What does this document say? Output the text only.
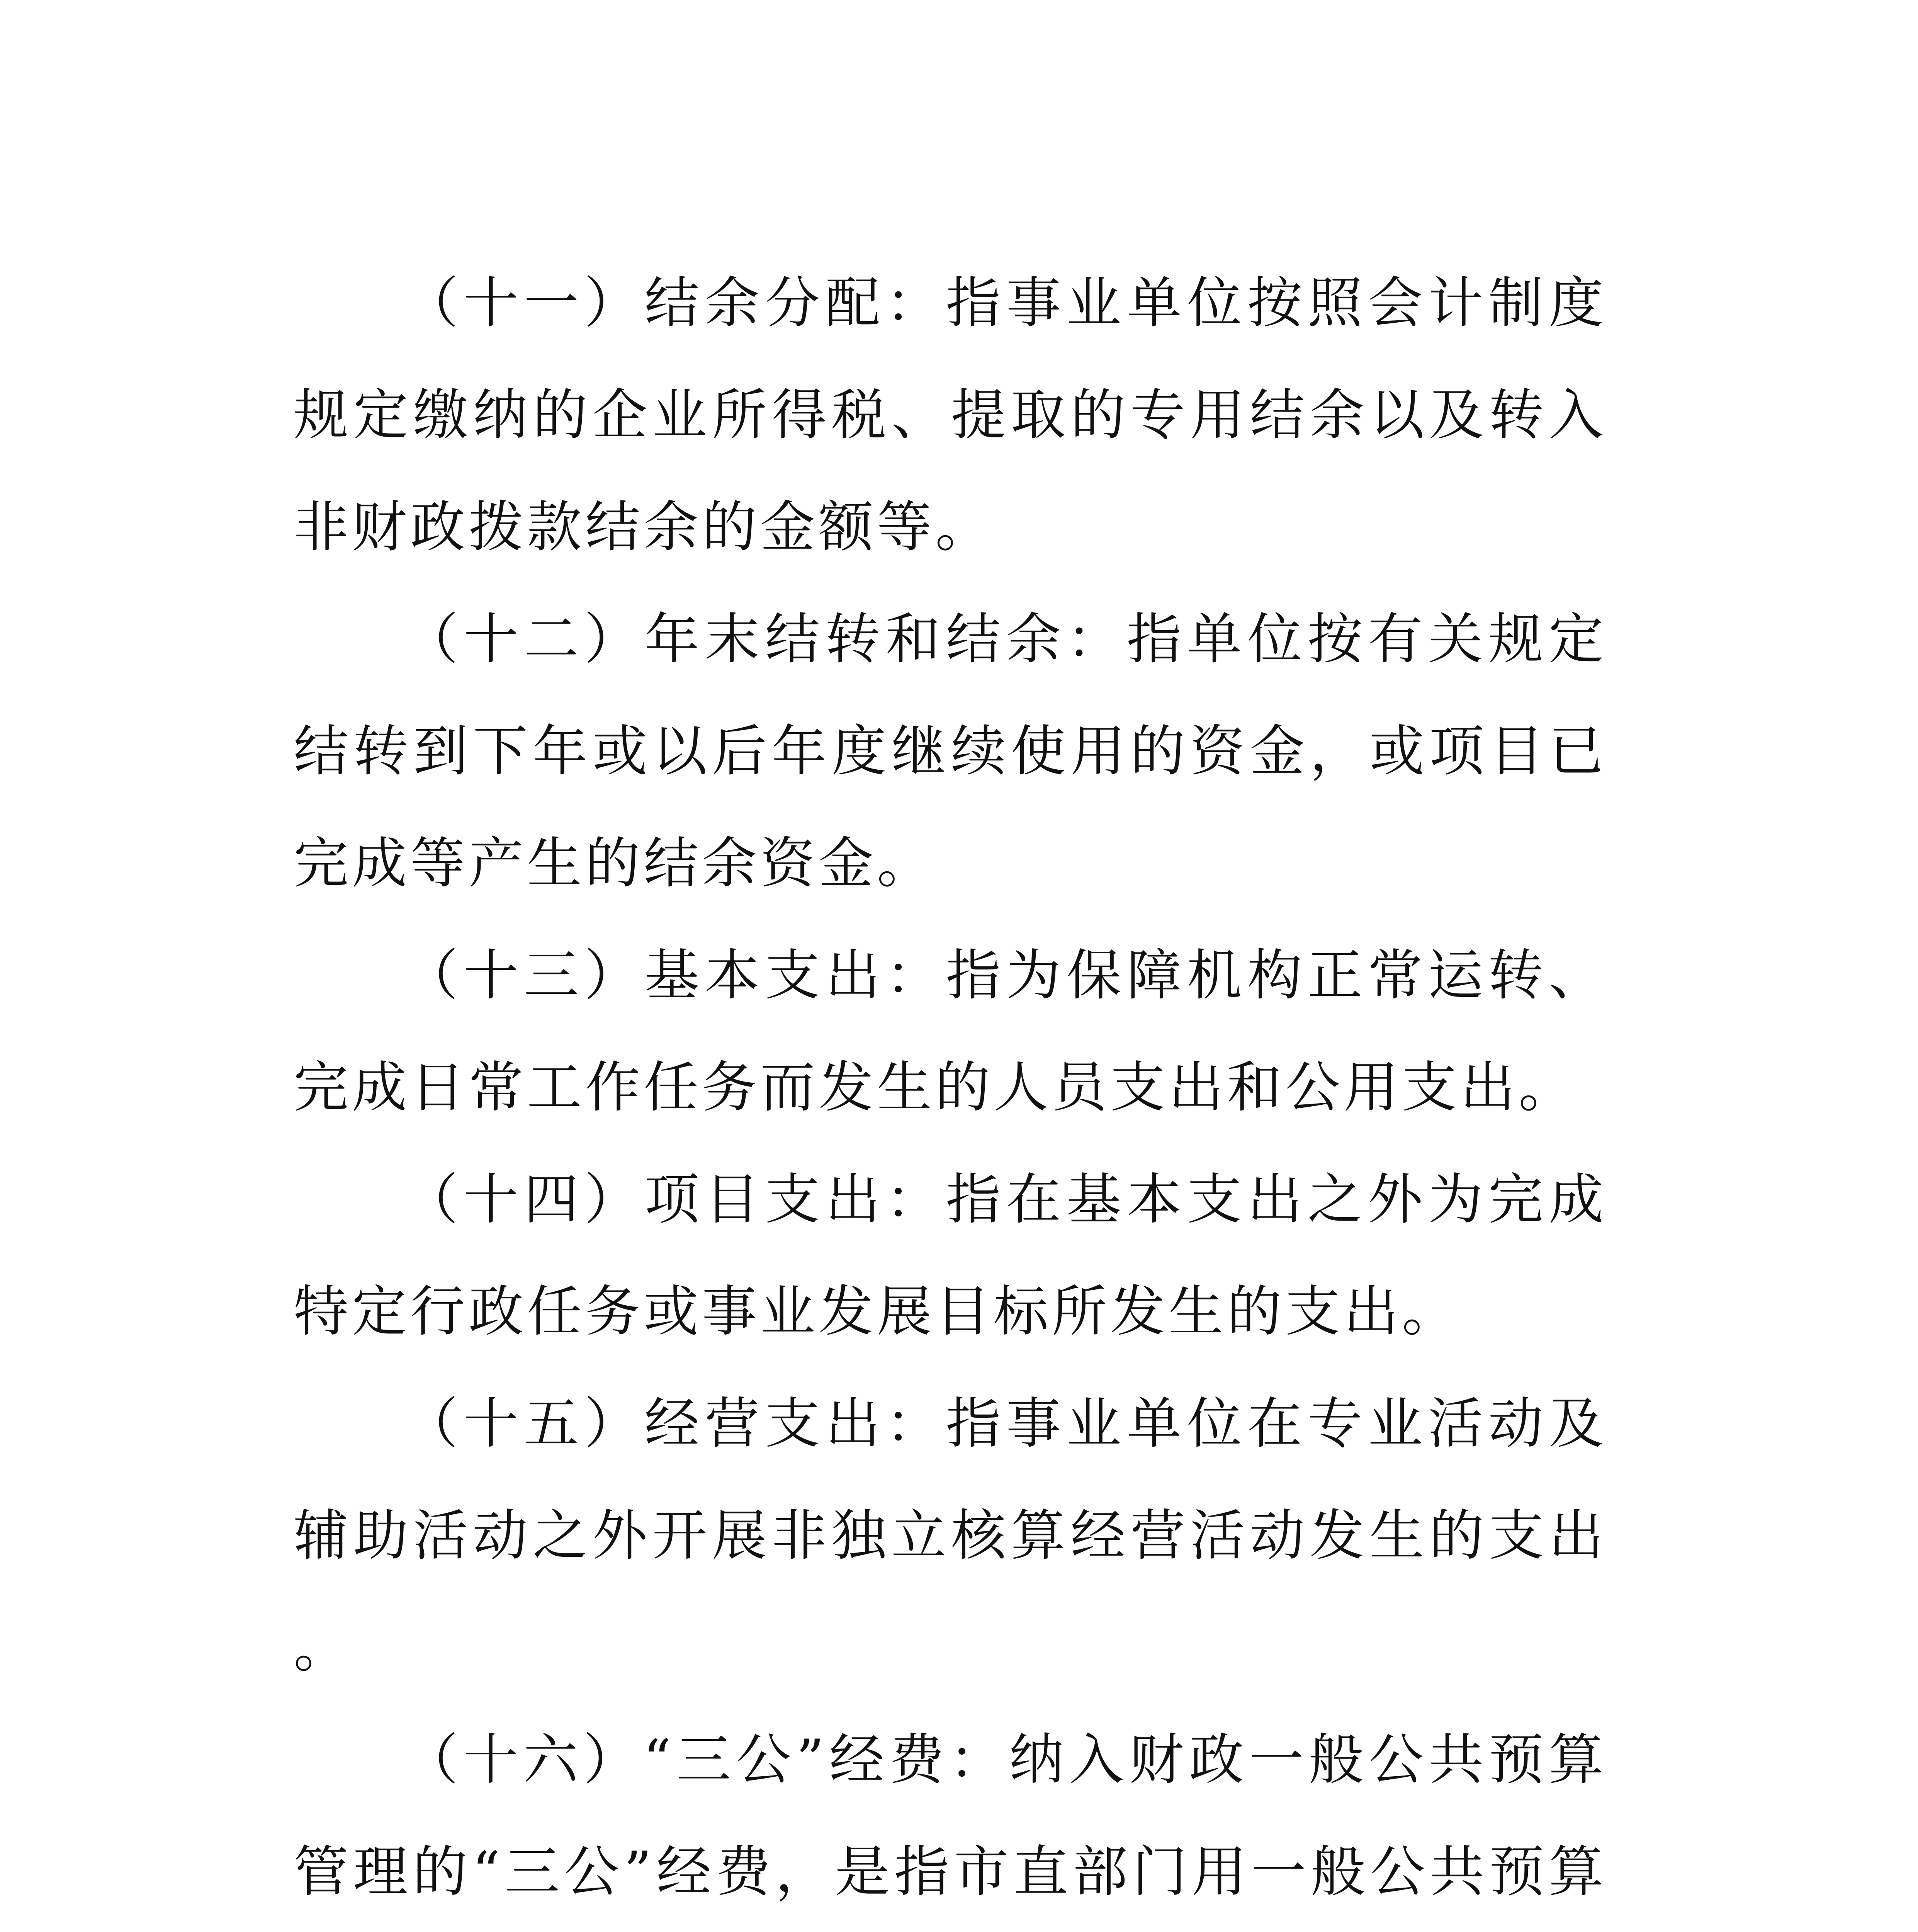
（十一）结余分配：指事业单位按照会计制度规定缴纳的企业所得税、提取的专用结余以及转入非财政拨款结余的金额等。

（十二）年末结转和结余：指单位按有关规定结转到下年或以后年度继续使用的资金，或项目已完成等产生的结余资金。

（十三）基本支出：指为保障机构正常运转、完成日常工作任务而发生的人员支出和公用支出。

（十四）项目支出：指在基本支出之外为完成特定行政任务或事业发展目标所发生的支出。

（十五）经营支出：指事业单位在专业活动及辅助活动之外开展非独立核算经营活动发生的支出。

（十六）“三公”经费：纳入财政一般公共预算管理的“三公”经费，是指市直部门用一般公共预算
